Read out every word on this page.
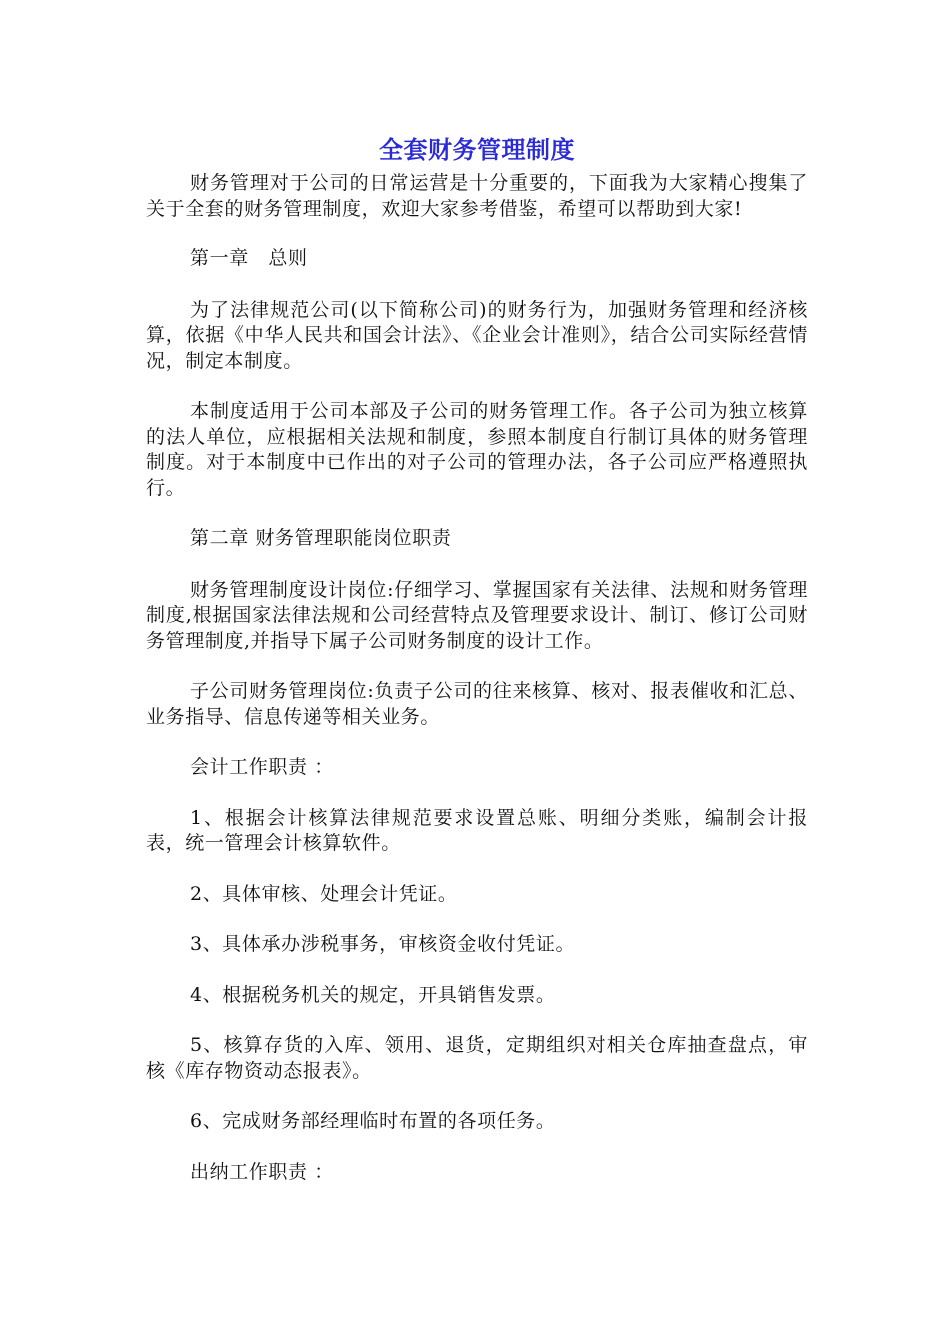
全套财务管理制度

财务管理对于公司的日常运营是十分重要的，下面我为大家精心搜集了关于全套的财务管理制度，欢迎大家参考借鉴，希望可以帮助到大家!

第一章　总则

为了法律规范公司(以下简称公司)的财务行为，加强财务管理和经济核算，依据《中华人民共和国会计法》、《企业会计准则》，结合公司实际经营情况，制定本制度。

本制度适用于公司本部及子公司的财务管理工作。各子公司为独立核算的法人单位，应根据相关法规和制度，参照本制度自行制订具体的财务管理制度。对于本制度中已作出的对子公司的管理办法，各子公司应严格遵照执行。

第二章 财务管理职能岗位职责

财务管理制度设计岗位:仔细学习、掌握国家有关法律、法规和财务管理制度,根据国家法律法规和公司经营特点及管理要求设计、制订、修订公司财务管理制度,并指导下属子公司财务制度的设计工作。

子公司财务管理岗位:负责子公司的往来核算、核对、报表催收和汇总、业务指导、信息传递等相关业务。

会计工作职责 ：

1、根据会计核算法律规范要求设置总账、明细分类账，编制会计报表，统一管理会计核算软件。

2、具体审核、处理会计凭证。

3、具体承办涉税事务，审核资金收付凭证。

4、根据税务机关的规定，开具销售发票。

5、核算存货的入库、领用、退货，定期组织对相关仓库抽查盘点，审核《库存物资动态报表》。

6、完成财务部经理临时布置的各项任务。

出纳工作职责 ：
